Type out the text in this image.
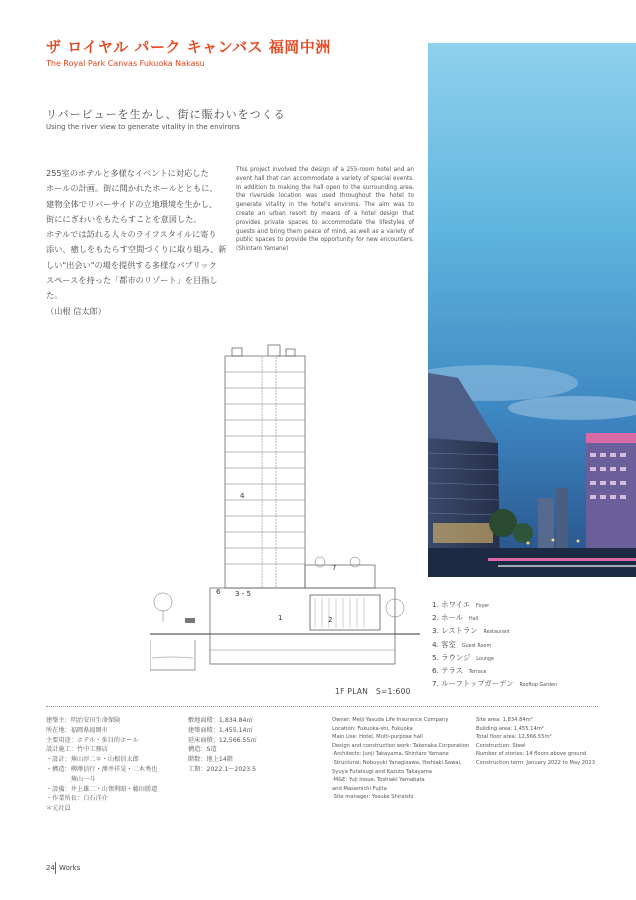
ザ ロイヤル パーク キャンバス 福岡中洲
The Royal Park Canvas Fukuoka Nakasu
リバービューを生かし、街に賑わいをつくる
Using the river view to generate vitality in the environs
255室のホテルと多様なイベントに対応した
ホールの計画。街に開かれたホールとともに、
建物全体でリバーサイドの立地環境を生かし、
街ににぎわいをもたらすことを意図した。
ホテルでは訪れる人々のライフスタイルに寄り
添い、癒しをもたらす空間づくりに取り組み、新
しい"出会い"の場を提供する多様なパブリック
スペースを持った「都市のリゾート」を目指した。
（山根 信太郎）
This project involved the design of a 255-room hotel and an event hall that can accommodate a variety of special events. In addition to making the hall open to the surrounding area, the riverside location was used throughout the hotel to generate vitality in the hotel's environs. The aim was to create an urban resort by means of a hotel design that provides private spaces to accommodate the lifestyles of guests and bring them peace of mind, as well as a variety of public spaces to provide the opportunity for new encounters. (Shintaro Yamane)
1	2
3・5
4
6
7
1. ホワイエ Foyer
2. ホール Hall
3. レストラン Restaurant
4. 客室 Guest Room
5. ラウンジ Lounge
6. テラス Terrace
7. ルーフトップガーデン Rooftop Garden
1F PLAN　S=1:600
建築主：明治安田生命保険
所在地：福岡県福岡市
主要用途：ホテル・多目的ホール
設計施工：竹中工務店
・設計：蕪山淳二＊・山根信太郎
・構造：柳澤信行・澤井祥晃・二木秀也
　　　　蕪山一斗
・設備：井上雄二・山領利昭・藤田勝道
・作業所長：白石洋介
＊元社員
敷地面積：1,834.84㎡
建築面積：1,455.14㎡
延床面積：12,566.55㎡
構造：S造
階数：地上14階
工期：2022.1〜2023.5
Owner: Meiji Yasuda Life Insurance Company
Location: Fukuoka-shi, Fukuoka
Main Use: Hotel, Multi-purpose hall
Design and construction work: Takenaka Corporation
·Architects: Junji Takayama, Shintaro Yamane
·Structural: Nobuyuki Yanagisawa, Yoshiaki Sawai,
Syuya Futatsugi and Kazuto Takayama
·M&E: Yuji Inoue, Toshiaki Yamabata
and Masamichi Fujita
·Site manager: Yosuke Shiraishi
Site area: 1,834.84m²
Building area: 1,455.14m²
Total floor area: 12,566.55m²
Construction: Steel
Number of stories: 14 floors above ground
Construction term: January 2022 to May 2023
24 Works
